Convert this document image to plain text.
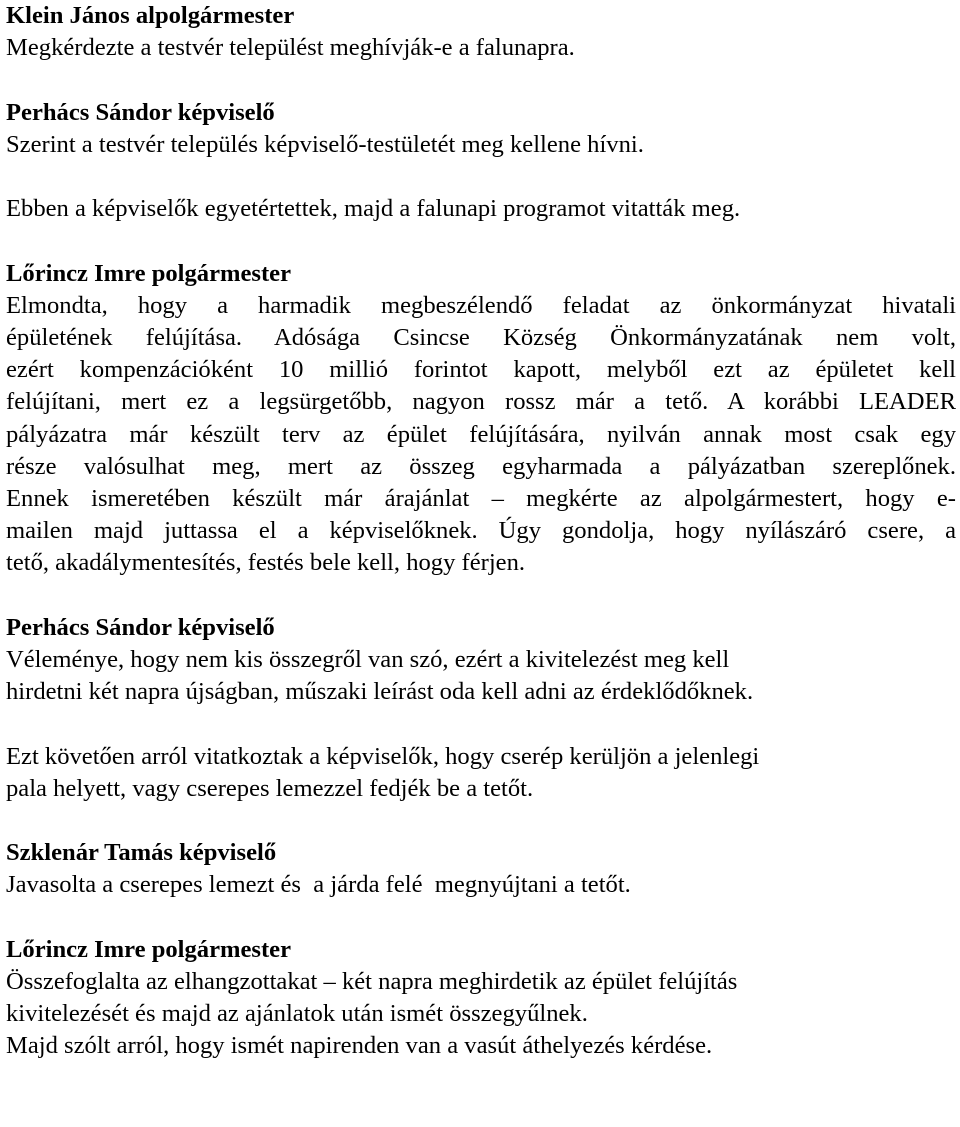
Klein János alpolgármester
Megkérdezte a testvér települést meghívják-e a falunapra.
Perhács Sándor képviselő
Szerint a testvér település képviselő-testületét meg kellene hívni.
Ebben a képviselők egyetértettek, majd a falunapi programot vitatták meg.
Lőrincz Imre polgármester
Elmondta, hogy a harmadik megbeszélendő feladat az önkormányzat hivatali
épületének felújítása. Adósága Csincse Község Önkormányzatának nem volt,
ezért kompenzációként 10 millió forintot kapott, melyből ezt az épületet kell
felújítani, mert ez a legsürgetőbb, nagyon rossz már a tető. A korábbi LEADER
pályázatra már készült terv az épület felújítására, nyilván annak most csak egy
része valósulhat meg, mert az összeg egyharmada a pályázatban szereplőnek.
Ennek ismeretében készült már árajánlat – megkérte az alpolgármestert, hogy e-
mailen majd juttassa el a képviselőknek. Úgy gondolja, hogy nyílászáró csere, a
tető, akadálymentesítés, festés bele kell, hogy férjen.
Perhács Sándor képviselő
Véleménye, hogy nem kis összegről van szó, ezért a kivitelezést meg kell
hirdetni két napra újságban, műszaki leírást oda kell adni az érdeklődőknek.
Ezt követően arról vitatkoztak a képviselők, hogy cserép kerüljön a jelenlegi
pala helyett, vagy cserepes lemezzel fedjék be a tetőt.
Szklenár Tamás képviselő
Javasolta a cserepes lemezt és  a járda felé  megnyújtani a tetőt.
Lőrincz Imre polgármester
Összefoglalta az elhangzottakat – két napra meghirdetik az épület felújítás
kivitelezését és majd az ajánlatok után ismét összegyűlnek.
Majd szólt arról, hogy ismét napirenden van a vasút áthelyezés kérdése.
